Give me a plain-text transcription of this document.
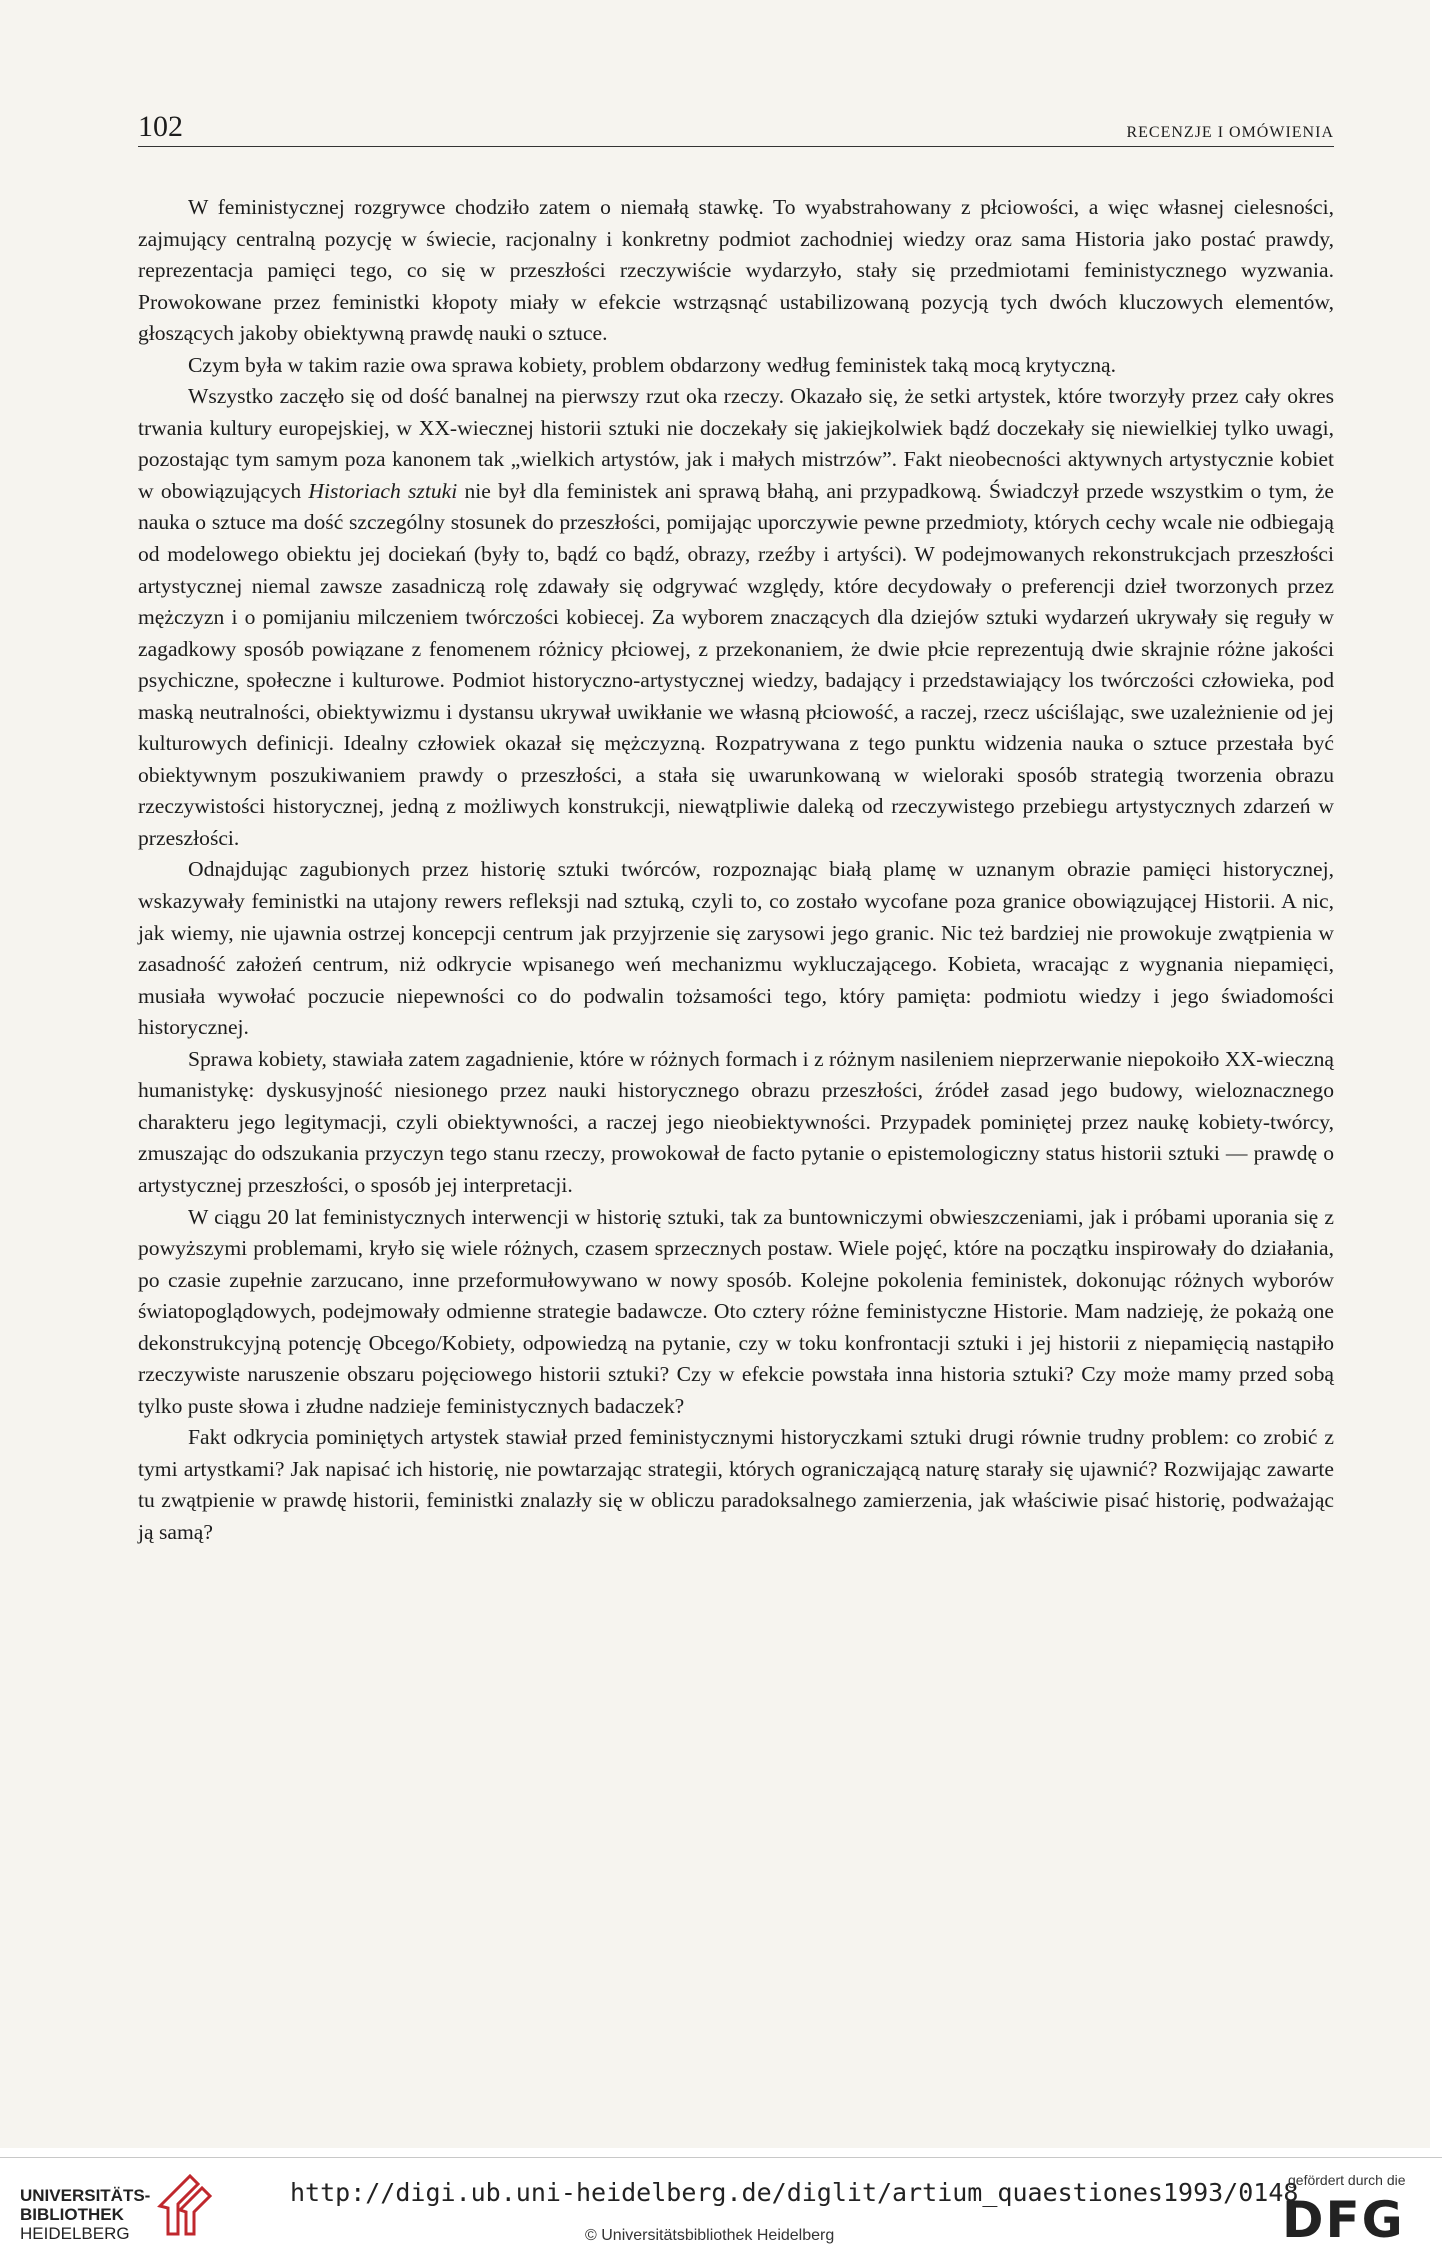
102	RECENZJE I OMÓWIENIA

W feministycznej rozgrywce chodziło zatem o niemałą stawkę. To wyabstrahowany z płciowości, a więc własnej cielesności, zajmujący centralną pozycję w świecie, racjonalny i konkretny podmiot zachodniej wiedzy oraz sama Historia jako postać prawdy, reprezentacja pamięci tego, co się w przeszłości rzeczywiście wydarzyło, stały się przedmiotami feministycznego wyzwania. Prowokowane przez feministki kłopoty miały w efekcie wstrząsnąć ustabilizowaną pozycją tych dwóch kluczowych elementów, głoszących jakoby obiektywną prawdę nauki o sztuce.

Czym była w takim razie owa sprawa kobiety, problem obdarzony według feministek taką mocą krytyczną.

Wszystko zaczęło się od dość banalnej na pierwszy rzut oka rzeczy. Okazało się, że setki artystek, które tworzyły przez cały okres trwania kultury europejskiej, w XX-wiecznej historii sztuki nie doczekały się jakiejkolwiek bądź doczekały się niewielkiej tylko uwagi, pozostając tym samym poza kanonem tak „wielkich artystów, jak i małych mistrzów”. Fakt nieobecności aktywnych artystycznie kobiet w obowiązujących Historiach sztuki nie był dla feministek ani sprawą błahą, ani przypadkową. Świadczył przede wszystkim o tym, że nauka o sztuce ma dość szczególny stosunek do przeszłości, pomijając uporczywie pewne przedmioty, których cechy wcale nie odbiegają od modelowego obiektu jej dociekań (były to, bądź co bądź, obrazy, rzeźby i artyści). W podejmowanych rekonstrukcjach przeszłości artystycznej niemal zawsze zasadniczą rolę zdawały się odgrywać względy, które decydowały o preferencji dzieł tworzonych przez mężczyzn i o pomijaniu milczeniem twórczości kobiecej. Za wyborem znaczących dla dziejów sztuki wydarzeń ukrywały się reguły w zagadkowy sposób powiązane z fenomenem różnicy płciowej, z przekonaniem, że dwie płcie reprezentują dwie skrajnie różne jakości psychiczne, społeczne i kulturowe. Podmiot historyczno-artystycznej wiedzy, badający i przedstawiający los twórczości człowieka, pod maską neutralności, obiektywizmu i dystansu ukrywał uwikłanie we własną płciowość, a raczej, rzecz uściślając, swe uzależnienie od jej kulturowych definicji. Idealny człowiek okazał się mężczyzną. Rozpatrywana z tego punktu widzenia nauka o sztuce przestała być obiektywnym poszukiwaniem prawdy o przeszłości, a stała się uwarunkowaną w wieloraki sposób strategią tworzenia obrazu rzeczywistości historycznej, jedną z możliwych konstrukcji, niewątpliwie daleką od rzeczywistego przebiegu artystycznych zdarzeń w przeszłości.

Odnajdując zagubionych przez historię sztuki twórców, rozpoznając białą plamę w uznanym obrazie pamięci historycznej, wskazywały feministki na utajony rewers refleksji nad sztuką, czyli to, co zostało wycofane poza granice obowiązującej Historii. A nic, jak wiemy, nie ujawnia ostrzej koncepcji centrum jak przyjrzenie się zarysowi jego granic. Nic też bardziej nie prowokuje zwątpienia w zasadność założeń centrum, niż odkrycie wpisanego weń mechanizmu wykluczającego. Kobieta, wracając z wygnania niepamięci, musiała wywołać poczucie niepewności co do podwalin tożsamości tego, który pamięta: podmiotu wiedzy i jego świadomości historycznej.

Sprawa kobiety, stawiała zatem zagadnienie, które w różnych formach i z różnym nasileniem nieprzerwanie niepokoiło XX-wieczną humanistykę: dyskusyjność niesionego przez nauki historycznego obrazu przeszłości, źródeł zasad jego budowy, wieloznacznego charakteru jego legitymacji, czyli obiektywności, a raczej jego nieobiektywności. Przypadek pominiętej przez naukę kobiety-twórcy, zmuszając do odszukania przyczyn tego stanu rzeczy, prowokował de facto pytanie o epistemologiczny status historii sztuki — prawdę o artystycznej przeszłości, o sposób jej interpretacji.

W ciągu 20 lat feministycznych interwencji w historię sztuki, tak za buntowniczymi obwieszczeniami, jak i próbami uporania się z powyższymi problemami, kryło się wiele różnych, czasem sprzecznych postaw. Wiele pojęć, które na początku inspirowały do działania, po czasie zupełnie zarzucano, inne przeformułowywano w nowy sposób. Kolejne pokolenia feministek, dokonując różnych wyborów światopoglądowych, podejmowały odmienne strategie badawcze. Oto cztery różne feministyczne Historie. Mam nadzieję, że pokażą one dekonstrukcyjną potencję Obcego/Kobiety, odpowiedzą na pytanie, czy w toku konfrontacji sztuki i jej historii z niepamięcią nastąpiło rzeczywiste naruszenie obszaru pojęciowego historii sztuki? Czy w efekcie powstała inna historia sztuki? Czy może mamy przed sobą tylko puste słowa i złudne nadzieje feministycznych badaczek?

Fakt odkrycia pominiętych artystek stawiał przed feministycznymi historyczkami sztuki drugi równie trudny problem: co zrobić z tymi artystkami? Jak napisać ich historię, nie powtarzając strategii, których ograniczającą naturę starały się ujawnić? Rozwijając zawarte tu zwątpienie w prawdę historii, feministki znalazły się w obliczu paradoksalnego zamierzenia, jak właściwie pisać historię, podważając ją samą?

UNIVERSITÄTS-
BIBLIOTHEK
HEIDELBERG
http://digi.ub.uni-heidelberg.de/diglit/artium_quaestiones1993/0148
© Universitätsbibliothek Heidelberg
gefördert durch die
DFG
